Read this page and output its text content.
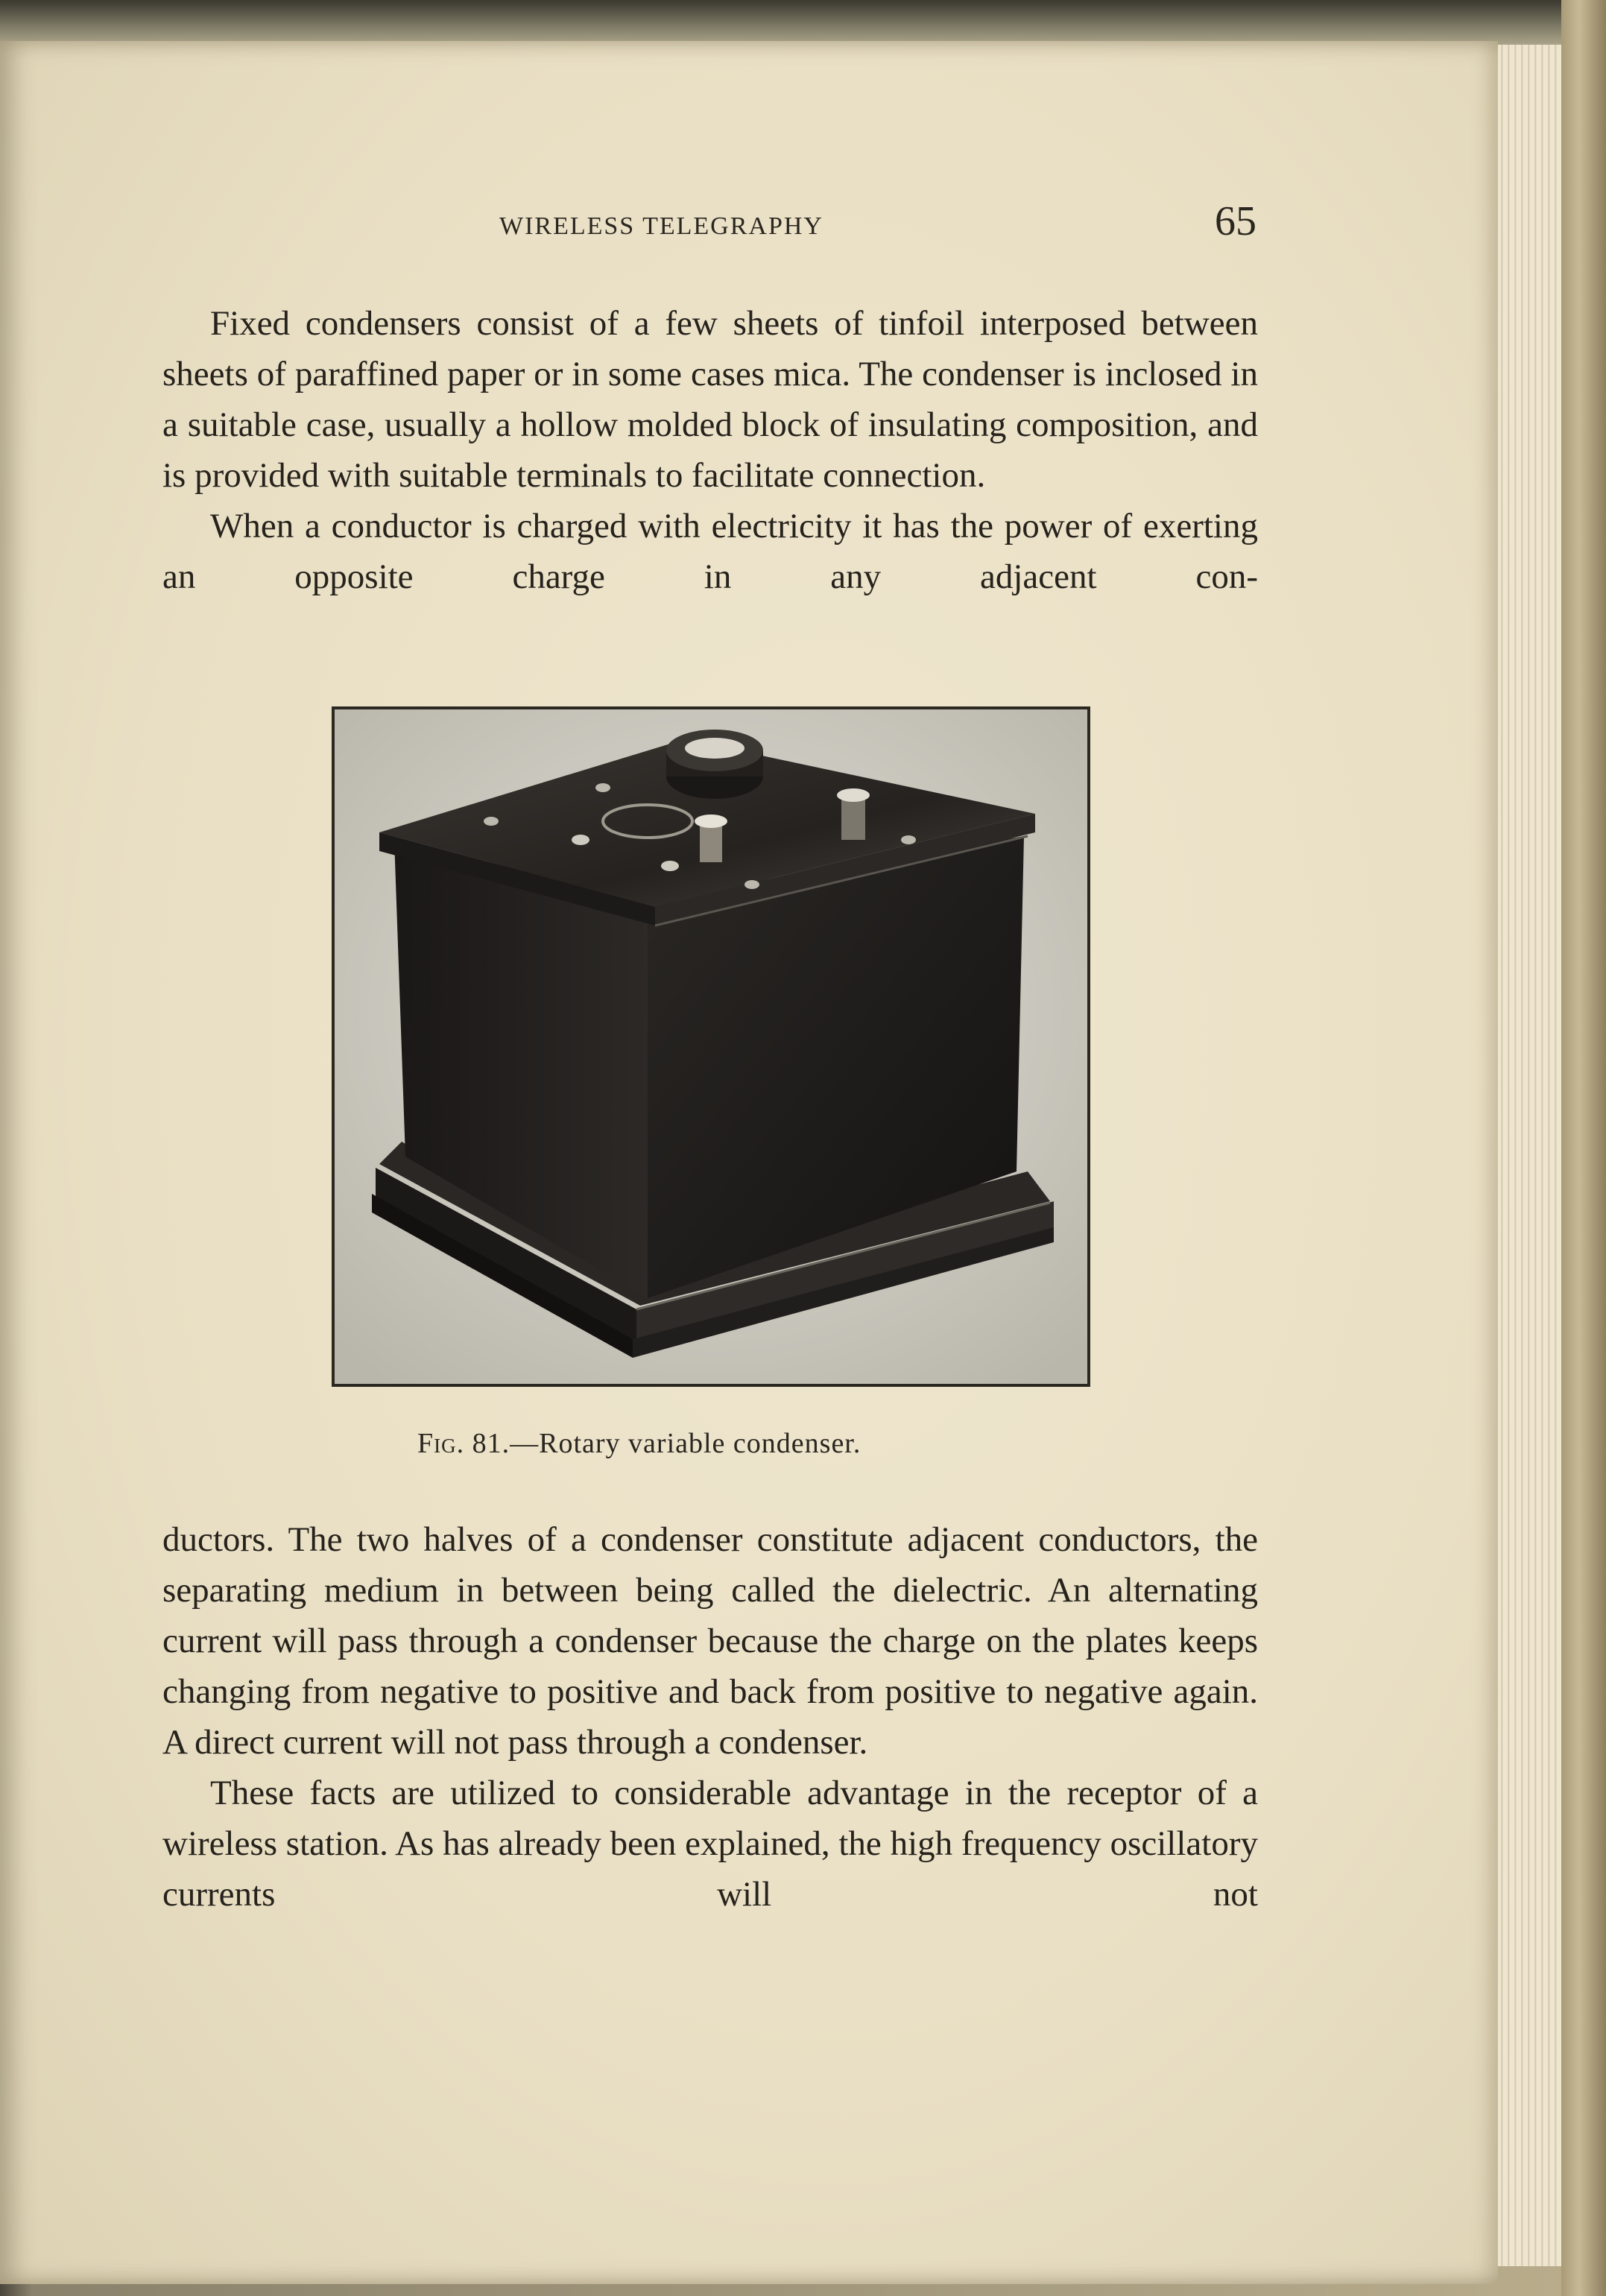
WIRELESS TELEGRAPHY	65

Fixed condensers consist of a few sheets of tinfoil interposed between sheets of paraffined paper or in some cases mica. The condenser is inclosed in a suitable case, usually a hollow molded block of insulating composition, and is provided with suitable terminals to facilitate connection.

When a conductor is charged with electricity it has the power of exerting an opposite charge in any adjacent con-

Fig. 81.—Rotary variable condenser.

ductors. The two halves of a condenser constitute adjacent conductors, the separating medium in between being called the dielectric. An alternating current will pass through a condenser because the charge on the plates keeps changing from negative to positive and back from positive to negative again. A direct current will not pass through a condenser.

These facts are utilized to considerable advantage in the receptor of a wireless station. As has already been explained, the high frequency oscillatory currents will not
